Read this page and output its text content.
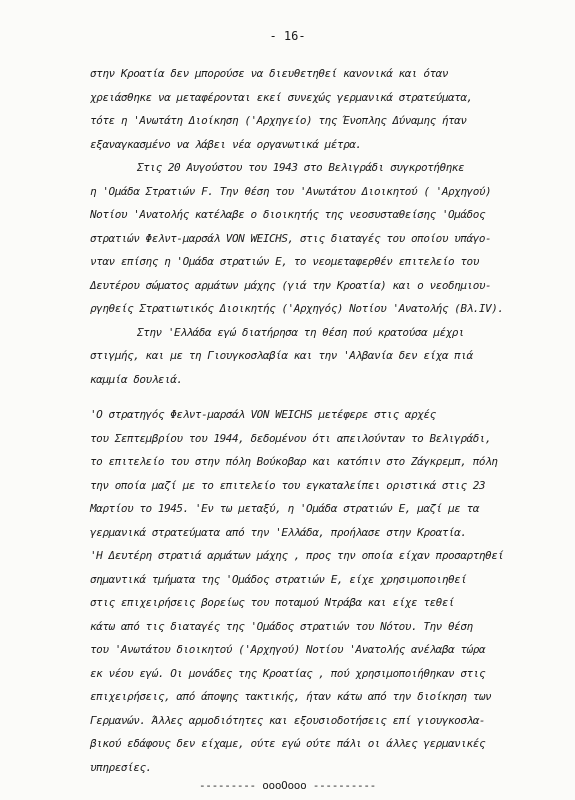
- 16-
στην Κροατία δεν μπορούσε να διευθετηθεί κανονικά και όταν
χρειάσθηκε να μεταφέρονται εκεί συνεχώς γερμανικά στρατεύματα,
τότε η 'Ανωτάτη Διοίκηση ('Αρχηγείο) της Ένοπλης Δύναμης ήταν
εξαναγκασμένο να λάβει νέα οργανωτικά μέτρα.
Στις 20 Αυγούστου του 1943 στο Βελιγράδι συγκροτήθηκε
η 'Ομάδα Στρατιών F. Την θέση του 'Ανωτάτου Διοικητού ( 'Αρχηγού)
Νοτίου 'Ανατολής κατέλαβε ο διοικητής της νεοσυσταθείσης 'Ομάδος
στρατιών Φελντ-μαρσάλ VON WEICHS, στις διαταγές του οποίου υπάγο-
νταν επίσης η 'Ομάδα στρατιών Ε, το νεομεταφερθέν επιτελείο του
Δευτέρου σώματος αρμάτων μάχης (γιά την Κροατία) και ο νεοδημιου-
ργηθείς Στρατιωτικός Διοικητής ('Αρχηγός) Νοτίου 'Ανατολής (Βλ.IV).
Στην 'Ελλάδα εγώ διατήρησα τη θέση πού κρατούσα μέχρι
στιγμής, και με τη Γιουγκοσλαβία και την 'Αλβανία δεν είχα πιά
καμμία δουλειά.
'Ο στρατηγός Φελντ-μαρσάλ VON WEICHS μετέφερε στις αρχές
του Σεπτεμβρίου του 1944, δεδομένου ότι απειλούνταν το Βελιγράδι,
το επιτελείο του στην πόλη Βούκοβαρ και κατόπιν στο Ζάγκρεμπ, πόλη
την οποία μαζί με το επιτελείο του εγκαταλείπει οριστικά στις 23
Μαρτίου το 1945. 'Εν τω μεταξύ, η 'Ομάδα στρατιών Ε, μαζί με τα
γερμανικά στρατεύματα από την 'Ελλάδα, προήλασε στην Κροατία.
'Η Δευτέρη στρατιά αρμάτων μάχης , προς την οποία είχαν προσαρτηθεί
σημαντικά τμήματα της 'Ομάδος στρατιών Ε, είχε χρησιμοποιηθεί
στις επιχειρήσεις βορείως του ποταμού Ντράβα και είχε τεθεί
κάτω από τις διαταγές της 'Ομάδος στρατιών του Νότου. Την θέση
του 'Ανωτάτου διοικητού ('Αρχηγού) Νοτίου 'Ανατολής ανέλαβα τώρα
εκ νέου εγώ. Οι μονάδες της Κροατίας , πού χρησιμοποιήθηκαν στις
επιχειρήσεις, από άποψης τακτικής, ήταν κάτω από την διοίκηση των
Γερμανών. Άλλες αρμοδιότητες και εξουσιοδοτήσεις επί γιουγκοσλα-
βικού εδάφους δεν είχαμε, ούτε εγώ ούτε πάλι οι άλλες γερμανικές
υπηρεσίες.
--------- οοοΟοοο ----------
